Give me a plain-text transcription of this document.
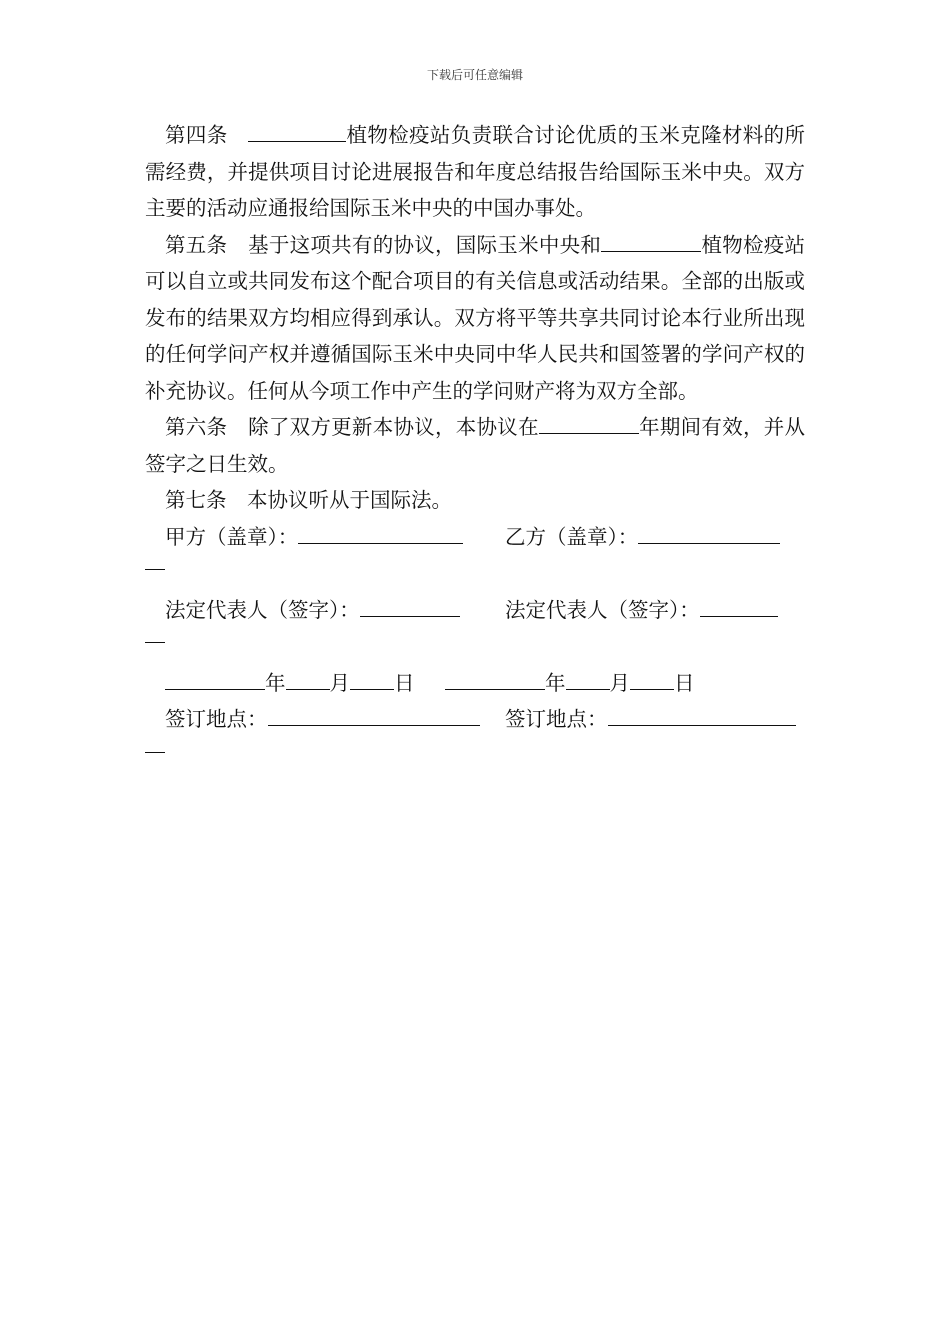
下载后可任意编辑

第四条 	植物检疫站负责联合讨论优质的玉米克隆材料的所需经费，并提供项目讨论进展报告和年度总结报告给国际玉米中央。双方主要的活动应通报给国际玉米中央的中国办事处。

第五条  基于这项共有的协议，国际玉米中央和	植物检疫站可以自立或共同发布这个配合项目的有关信息或活动结果。全部的出版或发布的结果双方均相应得到承认。双方将平等共享共同讨论本行业所出现的任何学问产权并遵循国际玉米中央同中华人民共和国签署的学问产权的补充协议。任何从今项工作中产生的学问财产将为双方全部。

第六条  除了双方更新本协议，本协议在	年期间有效，并从签字之日生效。

第七条  本协议听从于国际法。

甲方（盖章）：	乙方（盖章）：
法定代表人（签字）：	法定代表人（签字）：
年 月 日	年 月 日
签订地点：	签订地点：
